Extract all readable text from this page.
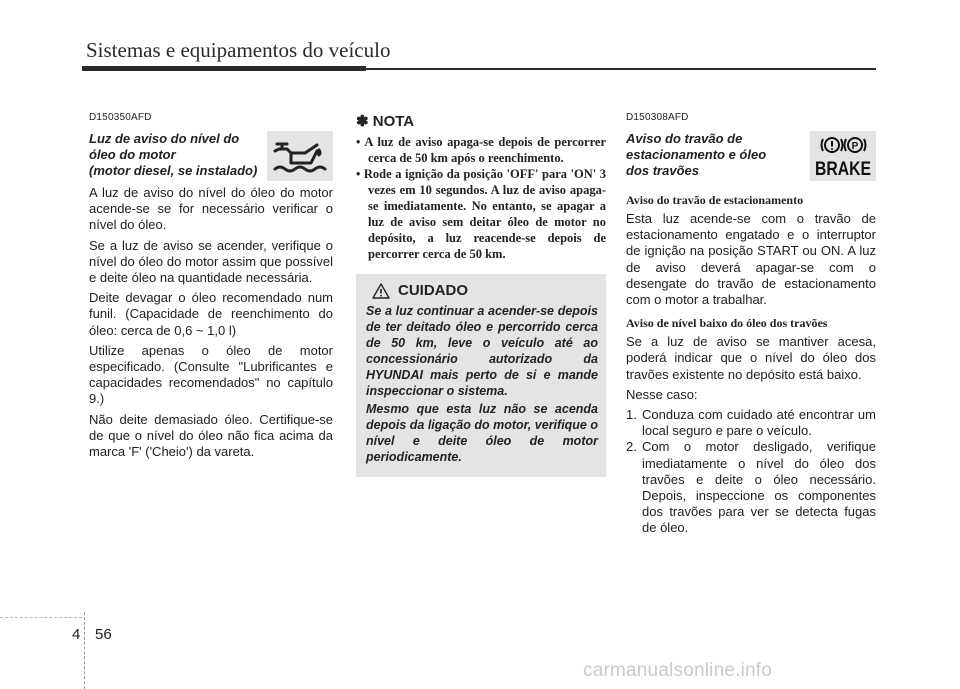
Sistemas e equipamentos do veículo
D150350AFD
Luz de aviso do nível do
óleo do motor
(motor diesel, se instalado)

A luz de aviso do nível do óleo do motor acende-se se for necessário verificar o nível do óleo.

Se a luz de aviso se acender, verifique o nível do óleo do motor assim que possível e deite óleo na quantidade necessária.

Deite devagar o óleo recomendado num funil. (Capacidade de reenchimento do óleo: cerca de 0,6 ~ 1,0 l)

Utilize apenas o óleo de motor especificado. (Consulte "Lubrificantes e capacidades recomendados" no capítulo 9.)

Não deite demasiado óleo. Certifique-se de que o nível do óleo não fica acima da marca 'F' ('Cheio') da vareta.

✽ NOTA
• A luz de aviso apaga-se depois de percorrer cerca de 50 km após o reenchimento.
• Rode a ignição da posição 'OFF' para 'ON' 3 vezes em 10 segundos. A luz de aviso apaga-se imediatamente. No entanto, se apagar a luz de aviso sem deitar óleo de motor no depósito, a luz reacende-se depois de percorrer cerca de 50 km.
CUIDADO

Se a luz continuar a acender-se depois de ter deitado óleo e percorrido cerca de 50 km, leve o veículo até ao concessionário autorizado da HYUNDAI mais perto de si e mande inspeccionar o sistema.

Mesmo que esta luz não se acenda depois da ligação do motor, verifique o nível e deite óleo de motor periodicamente.

D150308AFD
Aviso do travão de
estacionamento e óleo
dos travões
P
BRAKE
Aviso do travão de estacionamento

Esta luz acende-se com o travão de estacionamento engatado e o interruptor de ignição na posição START ou ON. A luz de aviso deverá apagar-se com o desengate do travão de estacionamento com o motor a trabalhar.

Aviso de nível baixo do óleo dos travões

Se a luz de aviso se mantiver acesa, poderá indicar que o nível do óleo dos travões existente no depósito está baixo.

Nesse caso:

1. Conduza com cuidado até encontrar um local seguro e pare o veículo.
2. Com o motor desligado, verifique imediatamente o nível do óleo dos travões e deite o óleo necessário. Depois, inspeccione os componentes dos travões para ver se detecta fugas de óleo.
4 56
carmanualsonline.info
